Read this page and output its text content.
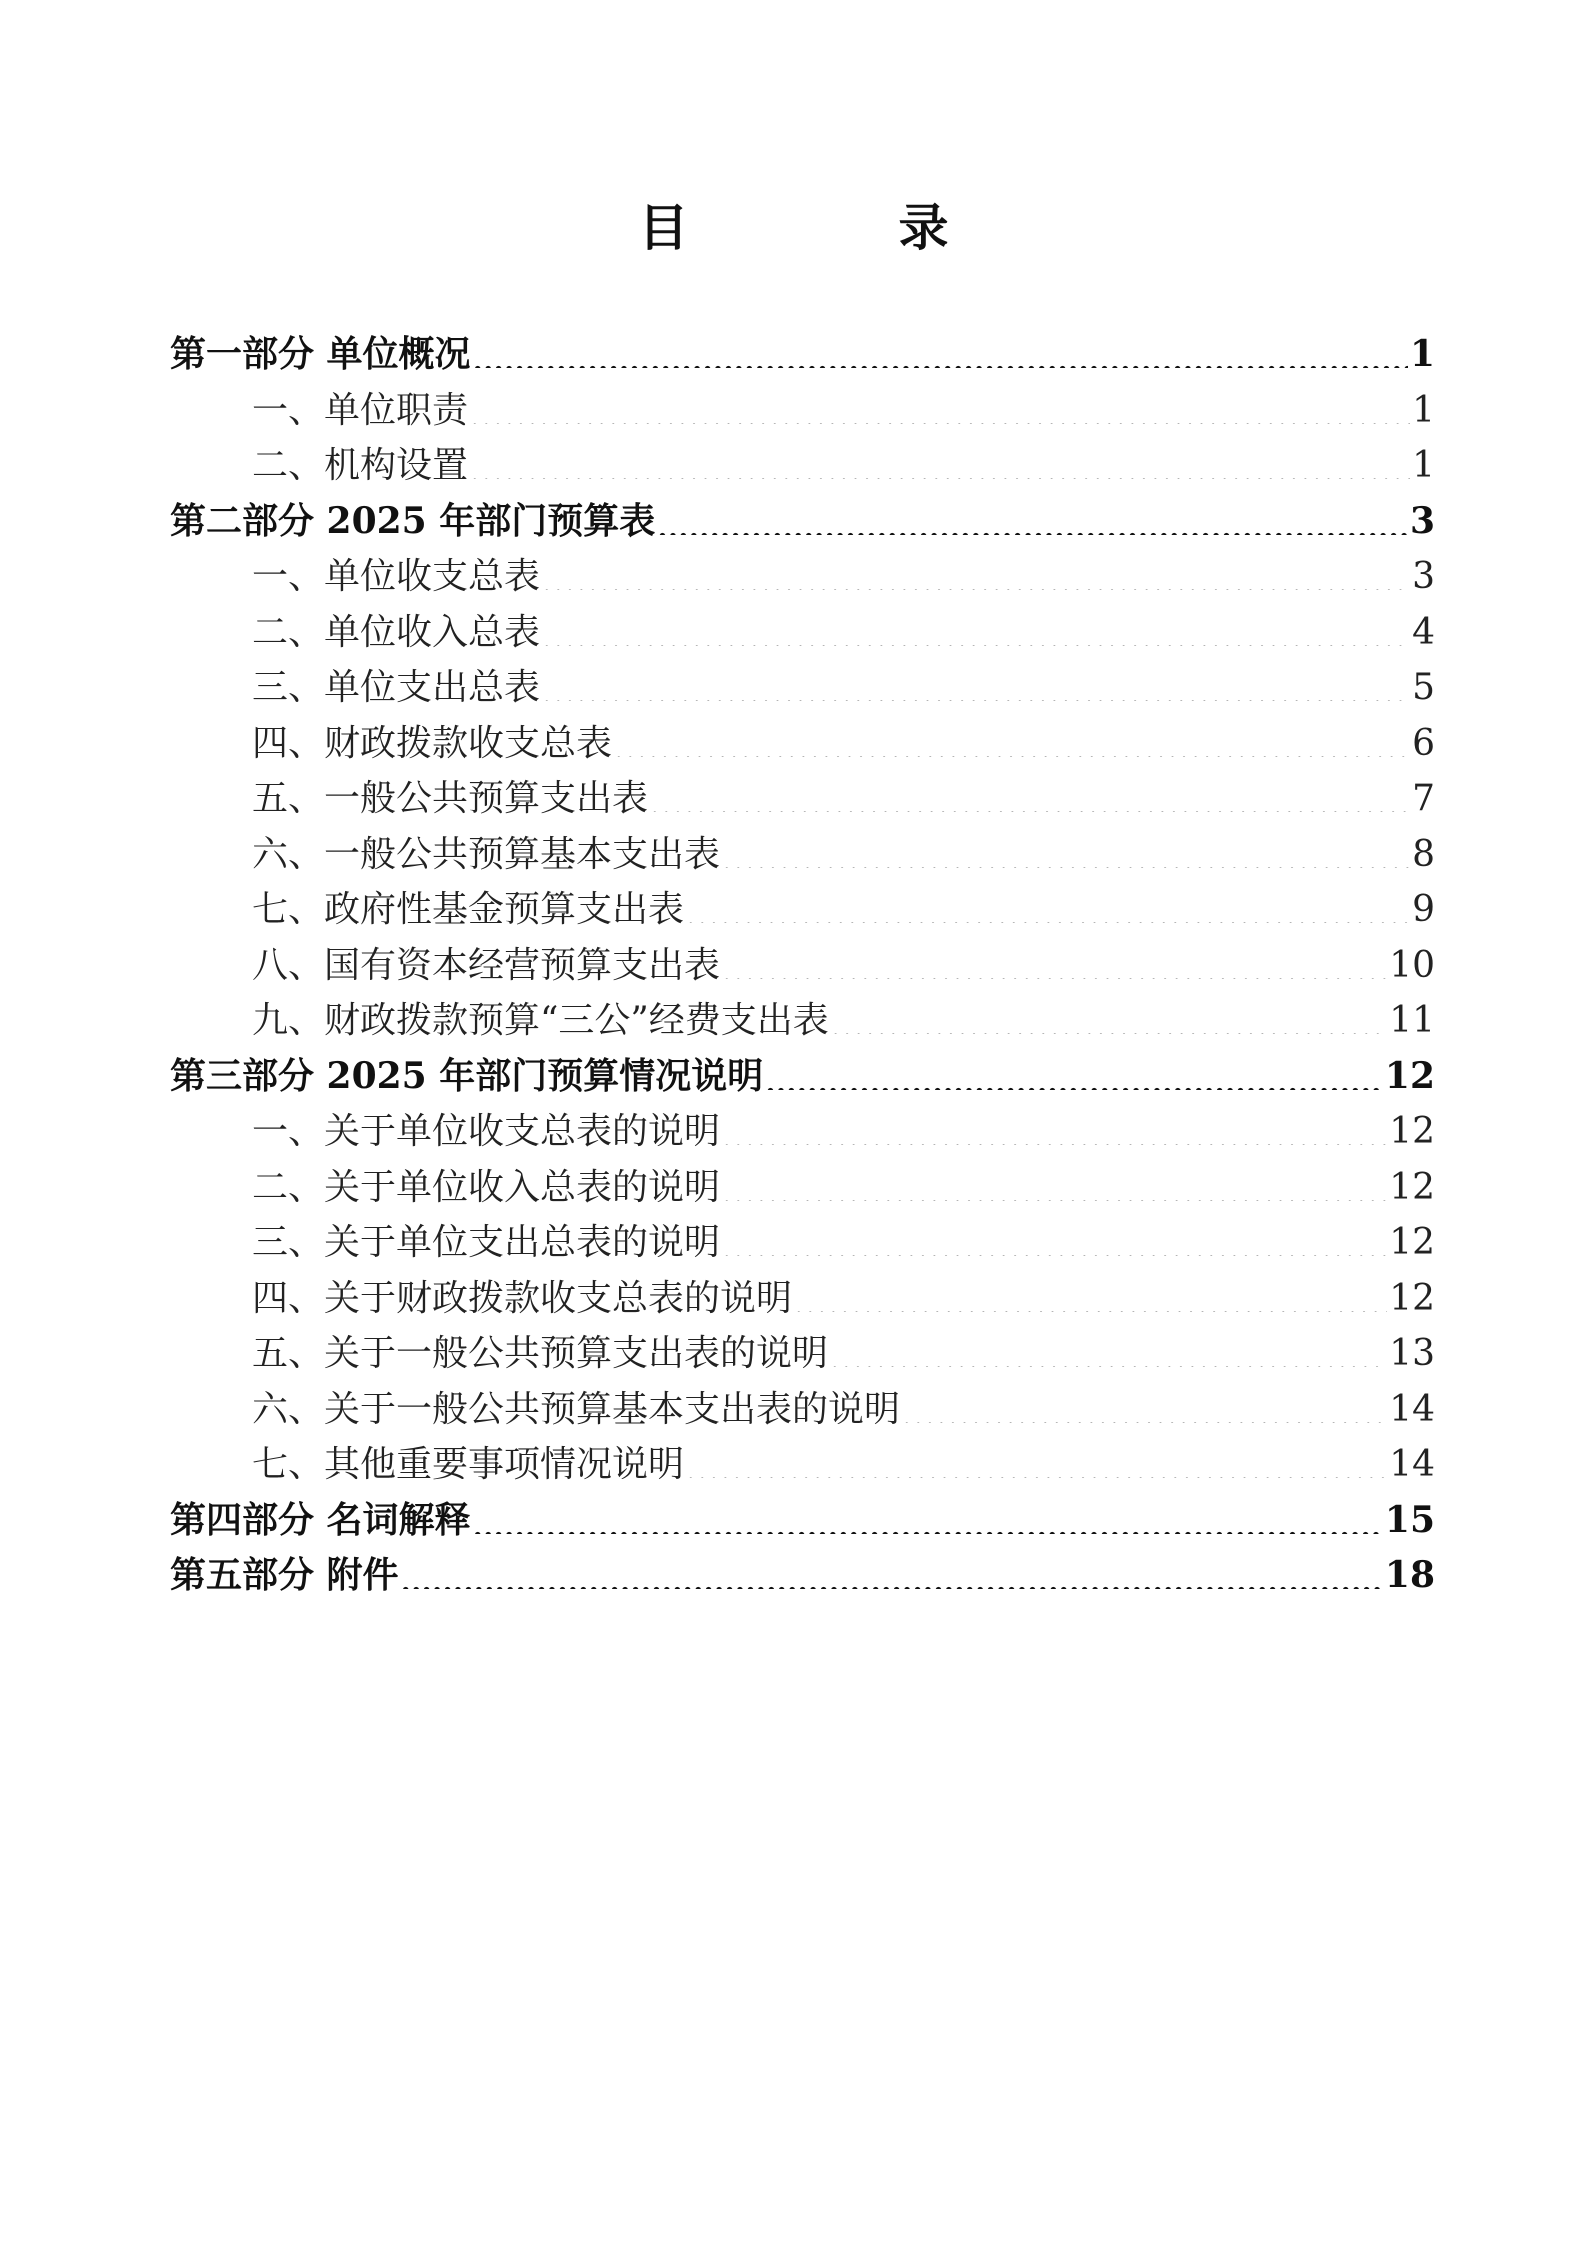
目　录
第一部分 单位概况 .....	1
一、单位职责 .....	1
二、机构设置 .....	1
第二部分 2025 年部门预算表 .....	3
一、单位收支总表 .....	3
二、单位收入总表 .....	4
三、单位支出总表 .....	5
四、财政拨款收支总表 .....	6
五、一般公共预算支出表 .....	7
六、一般公共预算基本支出表 .....	8
七、政府性基金预算支出表 .....	9
八、国有资本经营预算支出表 .....	10
九、财政拨款预算“三公”经费支出表 .....	11
第三部分 2025 年部门预算情况说明 .....	12
一、关于单位收支总表的说明 .....	12
二、关于单位收入总表的说明 .....	12
三、关于单位支出总表的说明 .....	12
四、关于财政拨款收支总表的说明 .....	12
五、关于一般公共预算支出表的说明 .....	13
六、关于一般公共预算基本支出表的说明 .....	14
七、其他重要事项情况说明 .....	14
第四部分 名词解释 .....	15
第五部分 附件 .....	18
